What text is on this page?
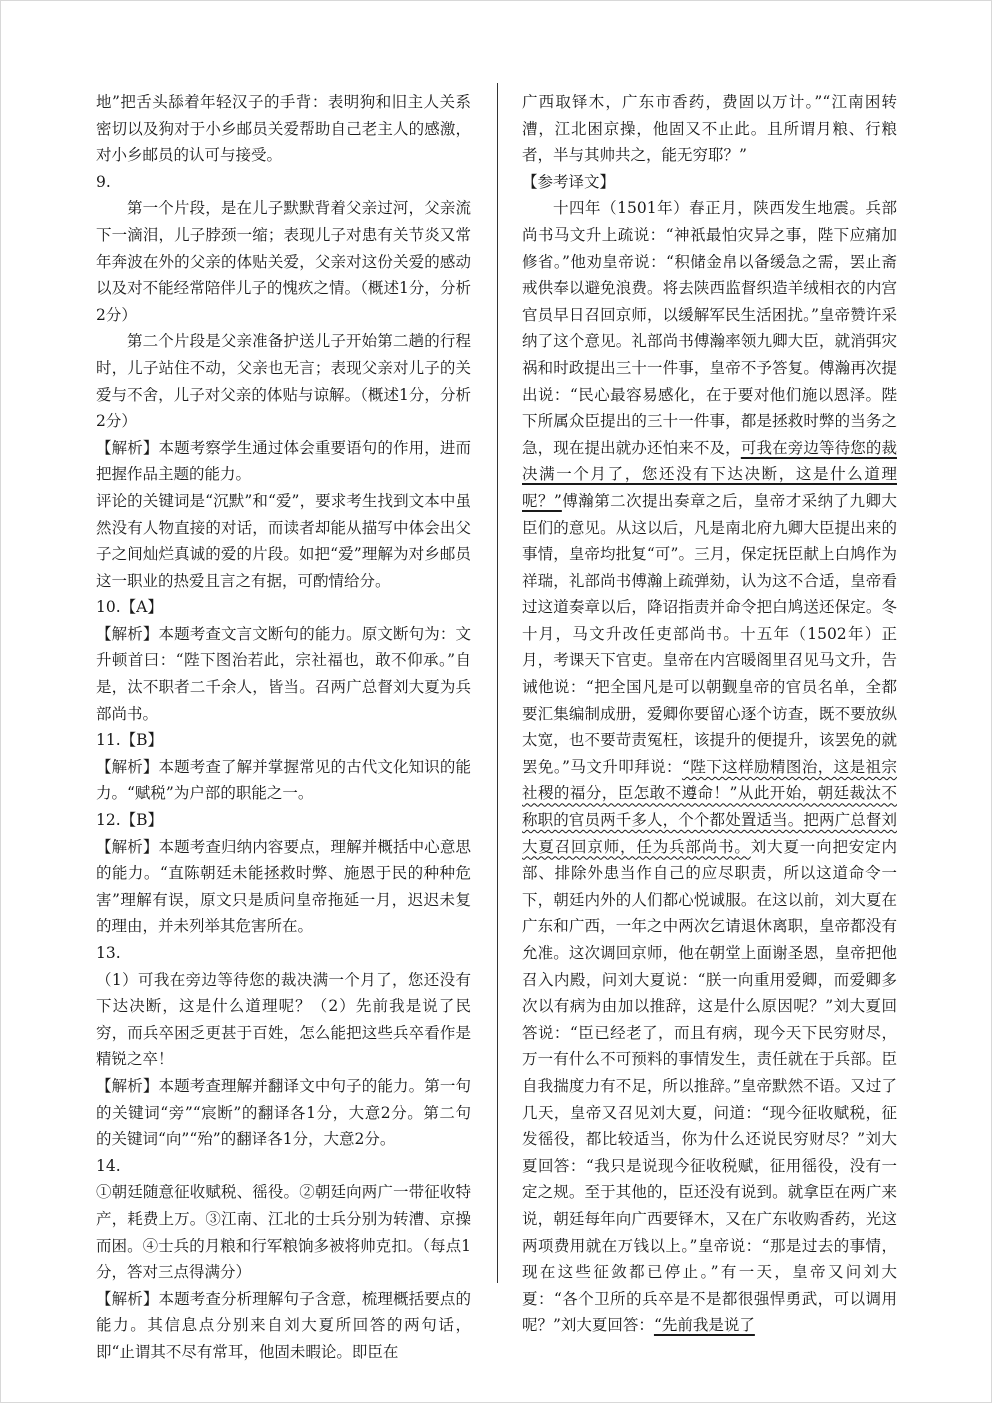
地”把舌头舔着年轻汉子的手背：表明狗和旧主人关系密切以及狗对于小乡邮员关爱帮助自己老主人的感激，对小乡邮员的认可与接受。

9.

第一个片段，是在儿子默默背着父亲过河，父亲流下一滴泪，儿子脖颈一缩；表现儿子对患有关节炎又常年奔波在外的父亲的体贴关爱，父亲对这份关爱的感动以及对不能经常陪伴儿子的愧疚之情。（概述1分，分析2分）

第二个片段是父亲准备护送儿子开始第二趟的行程时，儿子站住不动，父亲也无言；表现父亲对儿子的关爱与不舍，儿子对父亲的体贴与谅解。（概述1分，分析2分）

【解析】本题考察学生通过体会重要语句的作用，进而把握作品主题的能力。

评论的关键词是“沉默”和“爱”，要求考生找到文本中虽然没有人物直接的对话，而读者却能从描写中体会出父子之间灿烂真诚的爱的片段。如把“爱”理解为对乡邮员这一职业的热爱且言之有据，可酌情给分。

10.【A】

【解析】本题考查文言文断句的能力。原文断句为：文升顿首曰：“陛下图治若此，宗社福也，敢不仰承。”自是，汰不职者二千余人，皆当。召两广总督刘大夏为兵部尚书。

11.【B】

【解析】本题考查了解并掌握常见的古代文化知识的能力。“赋税”为户部的职能之一。

12.【B】

【解析】本题考查归纳内容要点，理解并概括中心意思的能力。“直陈朝廷未能拯救时弊、施恩于民的种种危害”理解有误，原文只是质问皇帝拖延一月，迟迟未复的理由，并未列举其危害所在。

13.

（1）可我在旁边等待您的裁决满一个月了，您还没有下达决断，这是什么道理呢？（2）先前我是说了民穷，而兵卒困乏更甚于百姓，怎么能把这些兵卒看作是精锐之卒！

【解析】本题考查理解并翻译文中句子的能力。第一句的关键词“旁”“宸断”的翻译各1分，大意2分。第二句的关键词“向”“殆”的翻译各1分，大意2分。

14.

①朝廷随意征收赋税、徭役。②朝廷向两广一带征收特产，耗费上万。③江南、江北的士兵分别为转漕、京操而困。④士兵的月粮和行军粮饷多被将帅克扣。（每点1分，答对三点得满分）

【解析】本题考查分析理解句子含意，梳理概括要点的能力。其信息点分别来自刘大夏所回答的两句话，即“止谓其不尽有常耳，他固未暇论。即臣在

广西取铎木，广东市香药，费固以万计。”“江南困转漕，江北困京操，他固又不止此。且所谓月粮、行粮者，半与其帅共之，能无穷耶？”

【参考译文】

十四年（1501年）春正月，陕西发生地震。兵部尚书马文升上疏说：“神祇最怕灾异之事，陛下应痛加修省。”他劝皇帝说：“积储金帛以备缓急之需，罢止斋戒供奉以避免浪费。将去陕西监督织造羊绒相衣的内宫官员早日召回京师，以缓解军民生活困扰。”皇帝赞许采纳了这个意见。礼部尚书傅瀚率领九卿大臣，就消弭灾祸和时政提出三十一件事，皇帝不予答复。傅瀚再次提出说：“民心最容易感化，在于要对他们施以恩泽。陛下所属众臣提出的三十一件事，都是拯救时弊的当务之急，现在提出就办还怕来不及，可我在旁边等待您的裁决满一个月了，您还没有下达决断，这是什么道理呢？”傅瀚第二次提出奏章之后，皇帝才采纳了九卿大臣们的意见。从这以后，凡是南北府九卿大臣提出来的事情，皇帝均批复“可”。三月，保定抚臣献上白鸠作为祥瑞，礼部尚书傅瀚上疏弹劾，认为这不合适，皇帝看过这道奏章以后，降诏指责并命令把白鸠送还保定。冬十月，马文升改任吏部尚书。十五年（1502年）正月，考课天下官吏。皇帝在内宫暖阁里召见马文升，告诫他说：“把全国凡是可以朝觐皇帝的官员名单，全都要汇集编制成册，爱卿你要留心逐个访查，既不要放纵太宽，也不要苛责冤枉，该提升的便提升，该罢免的就罢免。”马文升叩拜说：“陛下这样励精图治，这是祖宗社稷的福分，臣怎敢不遵命！”从此开始，朝廷裁汰不称职的官员两千多人，个个都处置适当。把两广总督刘大夏召回京师，任为兵部尚书。刘大夏一向把安定内部、排除外患当作自己的应尽职责，所以这道命令一下，朝廷内外的人们都心悦诚服。在这以前，刘大夏在广东和广西，一年之中两次乞请退休离职，皇帝都没有允准。这次调回京师，他在朝堂上面谢圣恩，皇帝把他召入内殿，问刘大夏说：“朕一向重用爱卿，而爱卿多次以有病为由加以推辞，这是什么原因呢？”刘大夏回答说：“臣已经老了，而且有病，现今天下民穷财尽，万一有什么不可预料的事情发生，责任就在于兵部。臣自我揣度力有不足，所以推辞。”皇帝默然不语。又过了几天，皇帝又召见刘大夏，问道：“现今征收赋税，征发徭役，都比较适当，你为什么还说民穷财尽？”刘大夏回答：“我只是说现今征收税赋，征用徭役，没有一定之规。至于其他的，臣还没有说到。就拿臣在两广来说，朝廷每年向广西要铎木，又在广东收购香药，光这两项费用就在万钱以上。”皇帝说：“那是过去的事情，现在这些征敛都已停止。”有一天，皇帝又问刘大夏：“各个卫所的兵卒是不是都很强悍勇武，可以调用呢？”刘大夏回答：“先前我是说了
